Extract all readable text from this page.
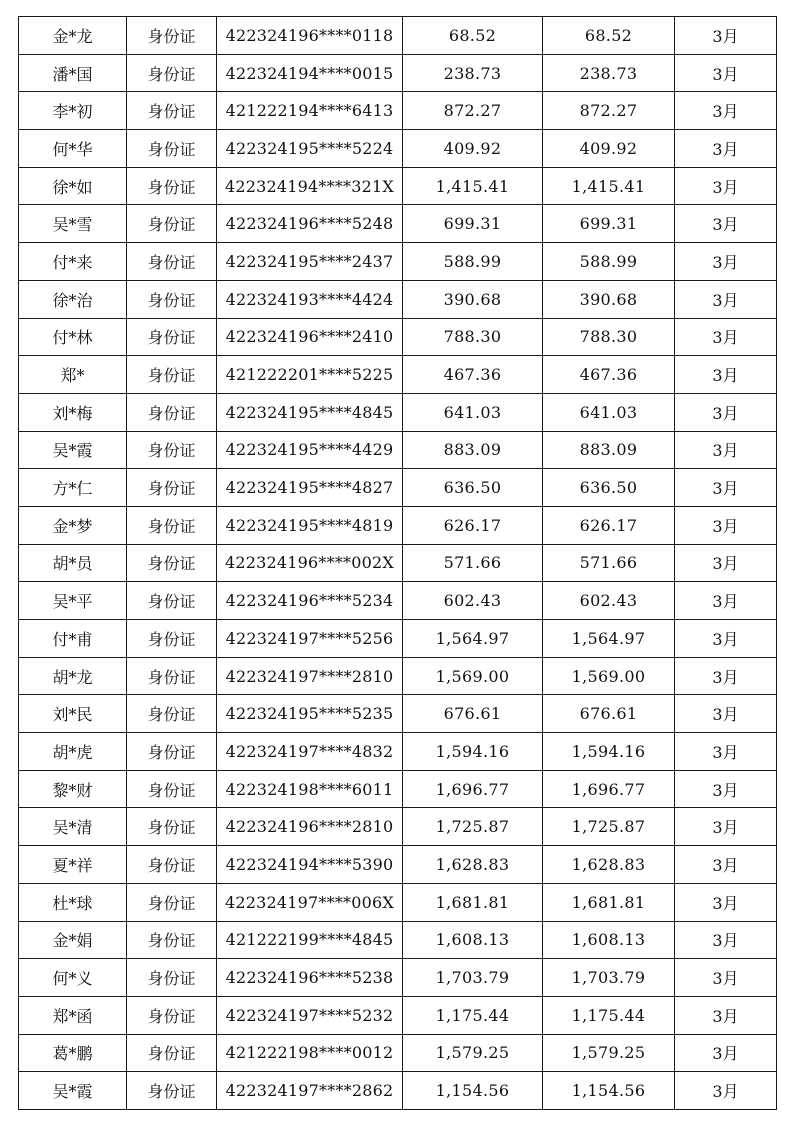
金*龙	身份证	422324196****0118	68.52	68.52	3月
潘*国	身份证	422324194****0015	238.73	238.73	3月
李*初	身份证	421222194****6413	872.27	872.27	3月
何*华	身份证	422324195****5224	409.92	409.92	3月
徐*如	身份证	422324194****321X	1,415.41	1,415.41	3月
吴*雪	身份证	422324196****5248	699.31	699.31	3月
付*来	身份证	422324195****2437	588.99	588.99	3月
徐*治	身份证	422324193****4424	390.68	390.68	3月
付*林	身份证	422324196****2410	788.30	788.30	3月
郑*	身份证	421222201****5225	467.36	467.36	3月
刘*梅	身份证	422324195****4845	641.03	641.03	3月
吴*霞	身份证	422324195****4429	883.09	883.09	3月
方*仁	身份证	422324195****4827	636.50	636.50	3月
金*梦	身份证	422324195****4819	626.17	626.17	3月
胡*员	身份证	422324196****002X	571.66	571.66	3月
吴*平	身份证	422324196****5234	602.43	602.43	3月
付*甫	身份证	422324197****5256	1,564.97	1,564.97	3月
胡*龙	身份证	422324197****2810	1,569.00	1,569.00	3月
刘*民	身份证	422324195****5235	676.61	676.61	3月
胡*虎	身份证	422324197****4832	1,594.16	1,594.16	3月
黎*财	身份证	422324198****6011	1,696.77	1,696.77	3月
吴*清	身份证	422324196****2810	1,725.87	1,725.87	3月
夏*祥	身份证	422324194****5390	1,628.83	1,628.83	3月
杜*球	身份证	422324197****006X	1,681.81	1,681.81	3月
金*娟	身份证	421222199****4845	1,608.13	1,608.13	3月
何*义	身份证	422324196****5238	1,703.79	1,703.79	3月
郑*函	身份证	422324197****5232	1,175.44	1,175.44	3月
葛*鹏	身份证	421222198****0012	1,579.25	1,579.25	3月
吴*霞	身份证	422324197****2862	1,154.56	1,154.56	3月
